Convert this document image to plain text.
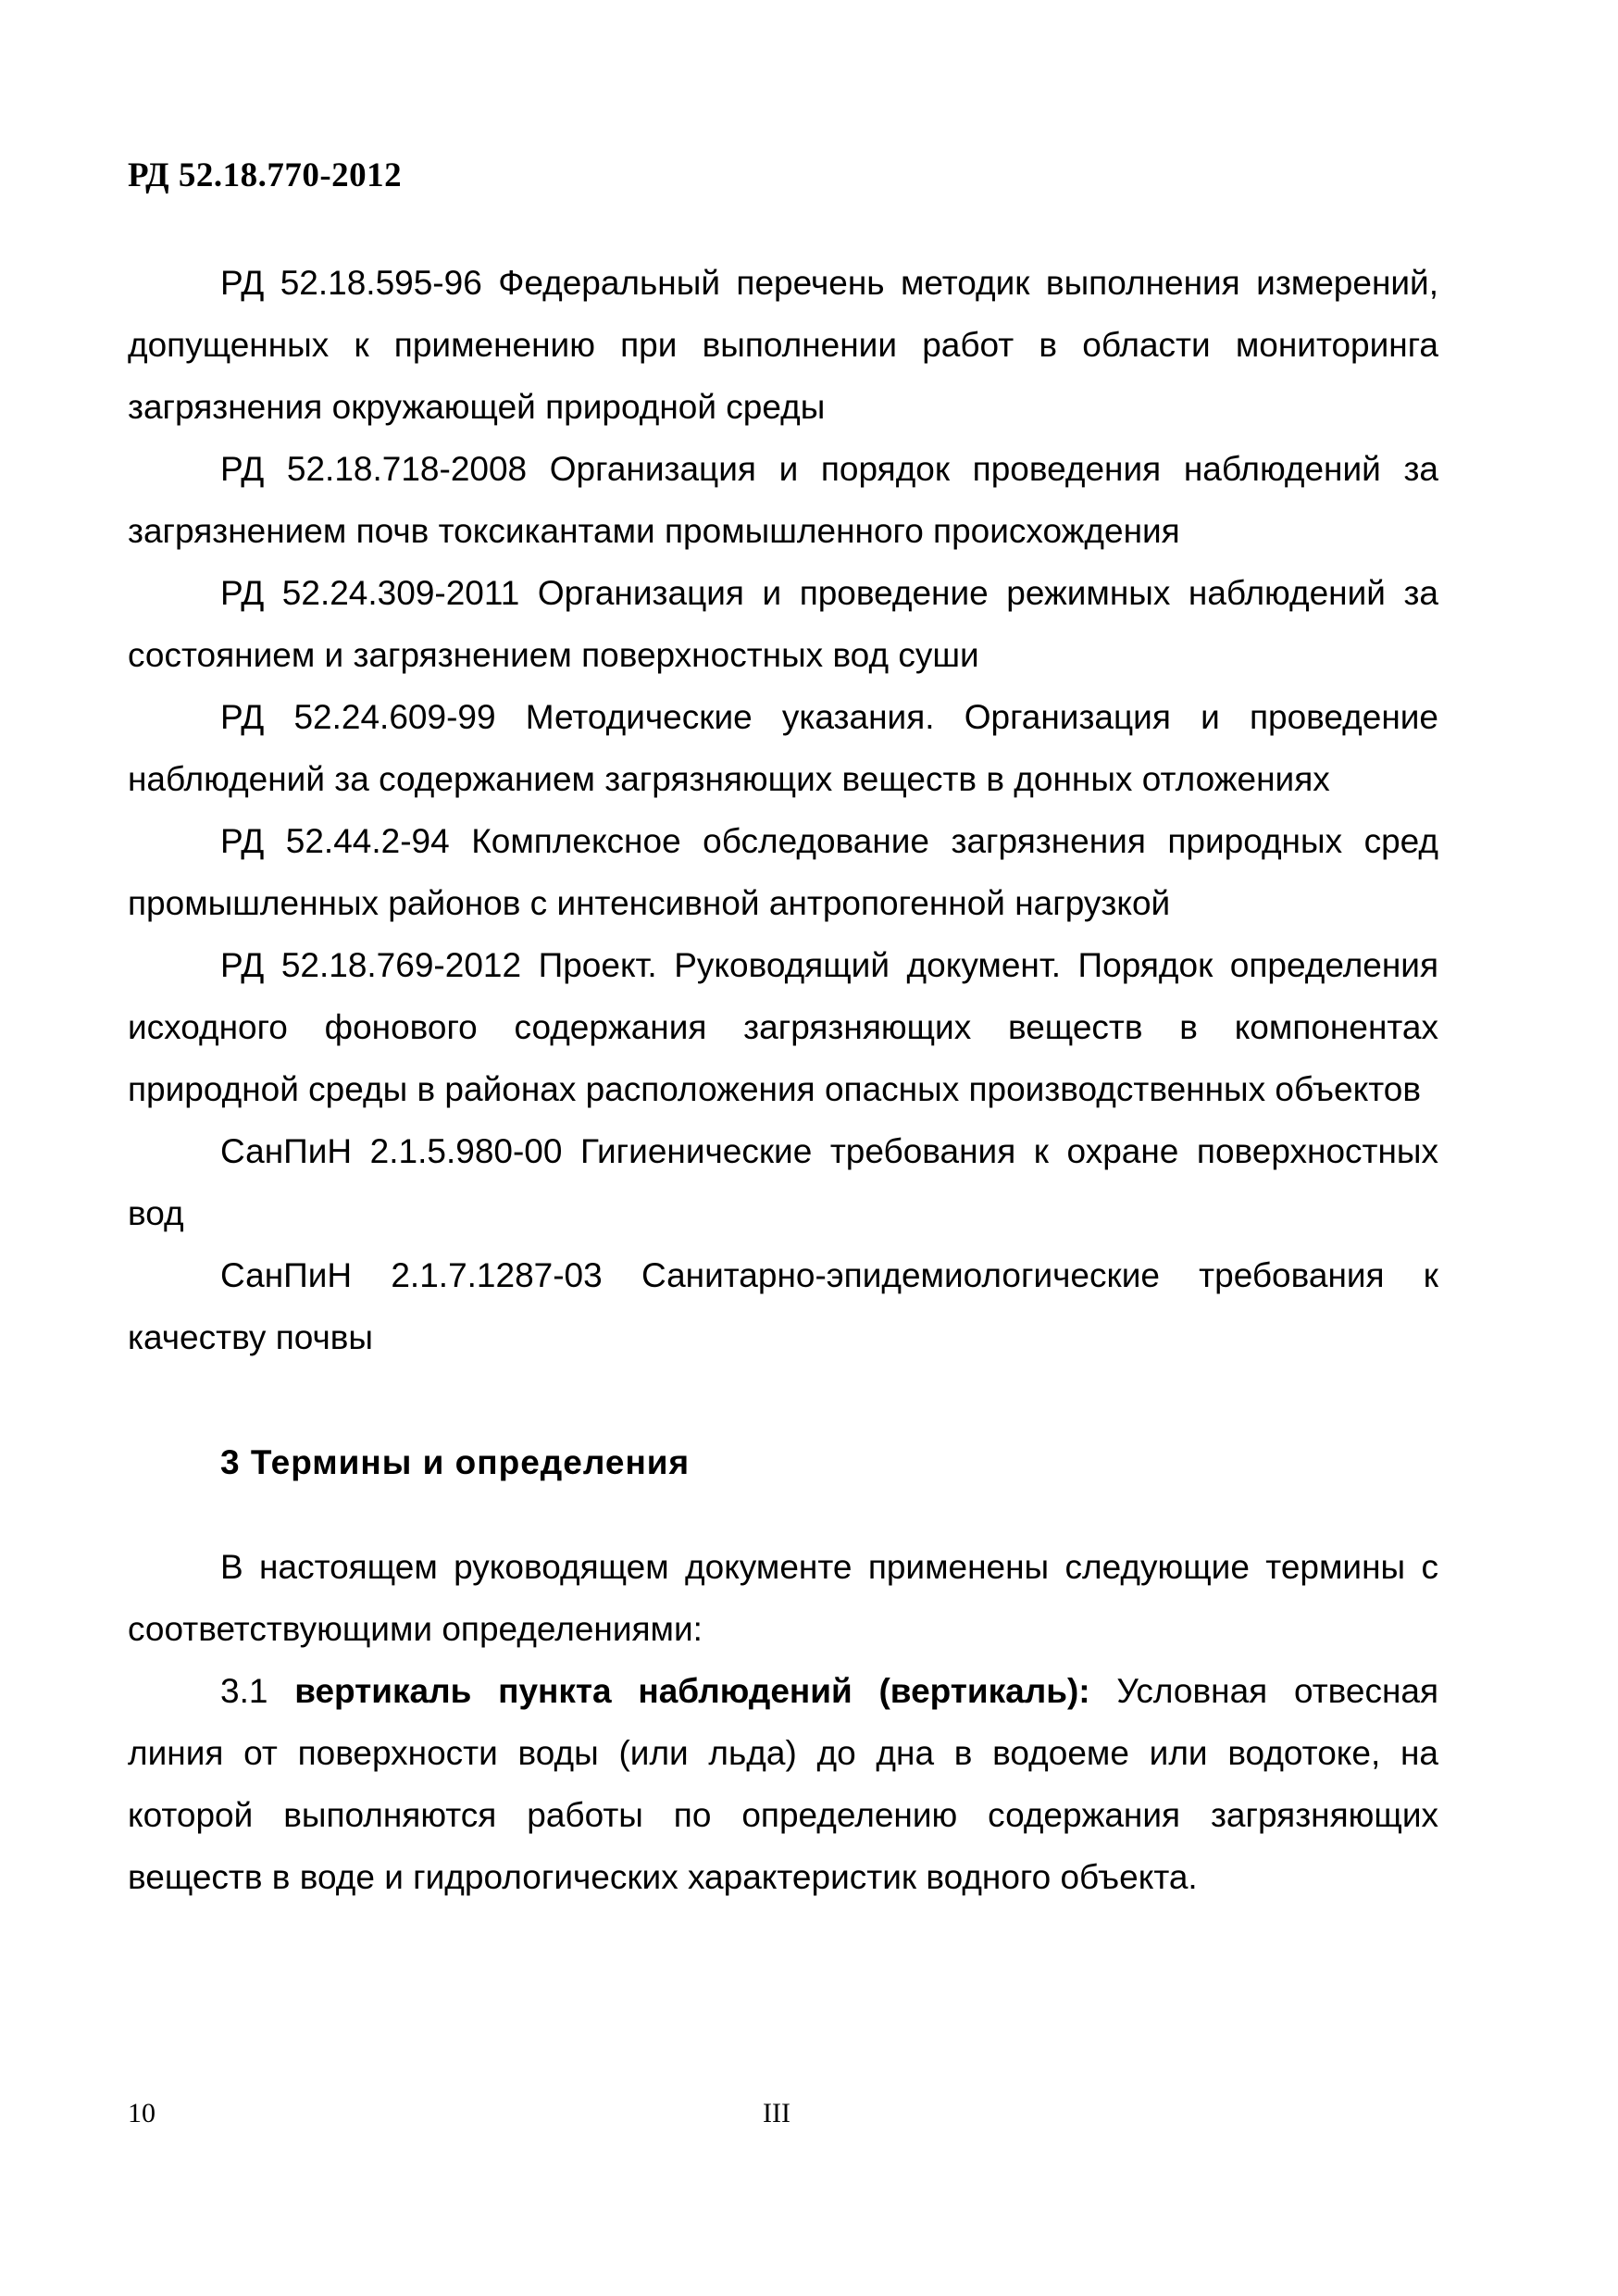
РД 52.18.770-2012

РД 52.18.595-96 Федеральный перечень методик выполнения измерений, допущенных к применению при выполнении работ в области мониторинга загрязнения окружающей природной среды

РД 52.18.718-2008 Организация и порядок проведения наблюдений за загрязнением почв токсикантами промышленного происхождения

РД 52.24.309-2011 Организация и проведение режимных наблюдений за состоянием и загрязнением поверхностных вод суши

РД 52.24.609-99 Методические указания. Организация и проведение наблюдений за содержанием загрязняющих веществ в донных отложениях

РД 52.44.2-94 Комплексное обследование загрязнения природных сред промышленных районов с интенсивной антропогенной нагрузкой

РД 52.18.769-2012 Проект. Руководящий документ. Порядок определения исходного фонового содержания загрязняющих веществ в компонентах природной среды в районах расположения опасных производственных объектов

СанПиН 2.1.5.980-00 Гигиенические требования к охране поверхностных вод

СанПиН 2.1.7.1287-03 Санитарно-эпидемиологические требования к качеству почвы

3 Термины и определения

В настоящем руководящем документе применены следующие термины с соответствующими определениями:

3.1 вертикаль пункта наблюдений (вертикаль): Условная отвесная линия от поверхности воды (или льда) до дна в водоеме или водотоке, на которой выполняются работы по определению содержания загрязняющих веществ в воде и гидрологических характеристик водного объекта.

10	III
